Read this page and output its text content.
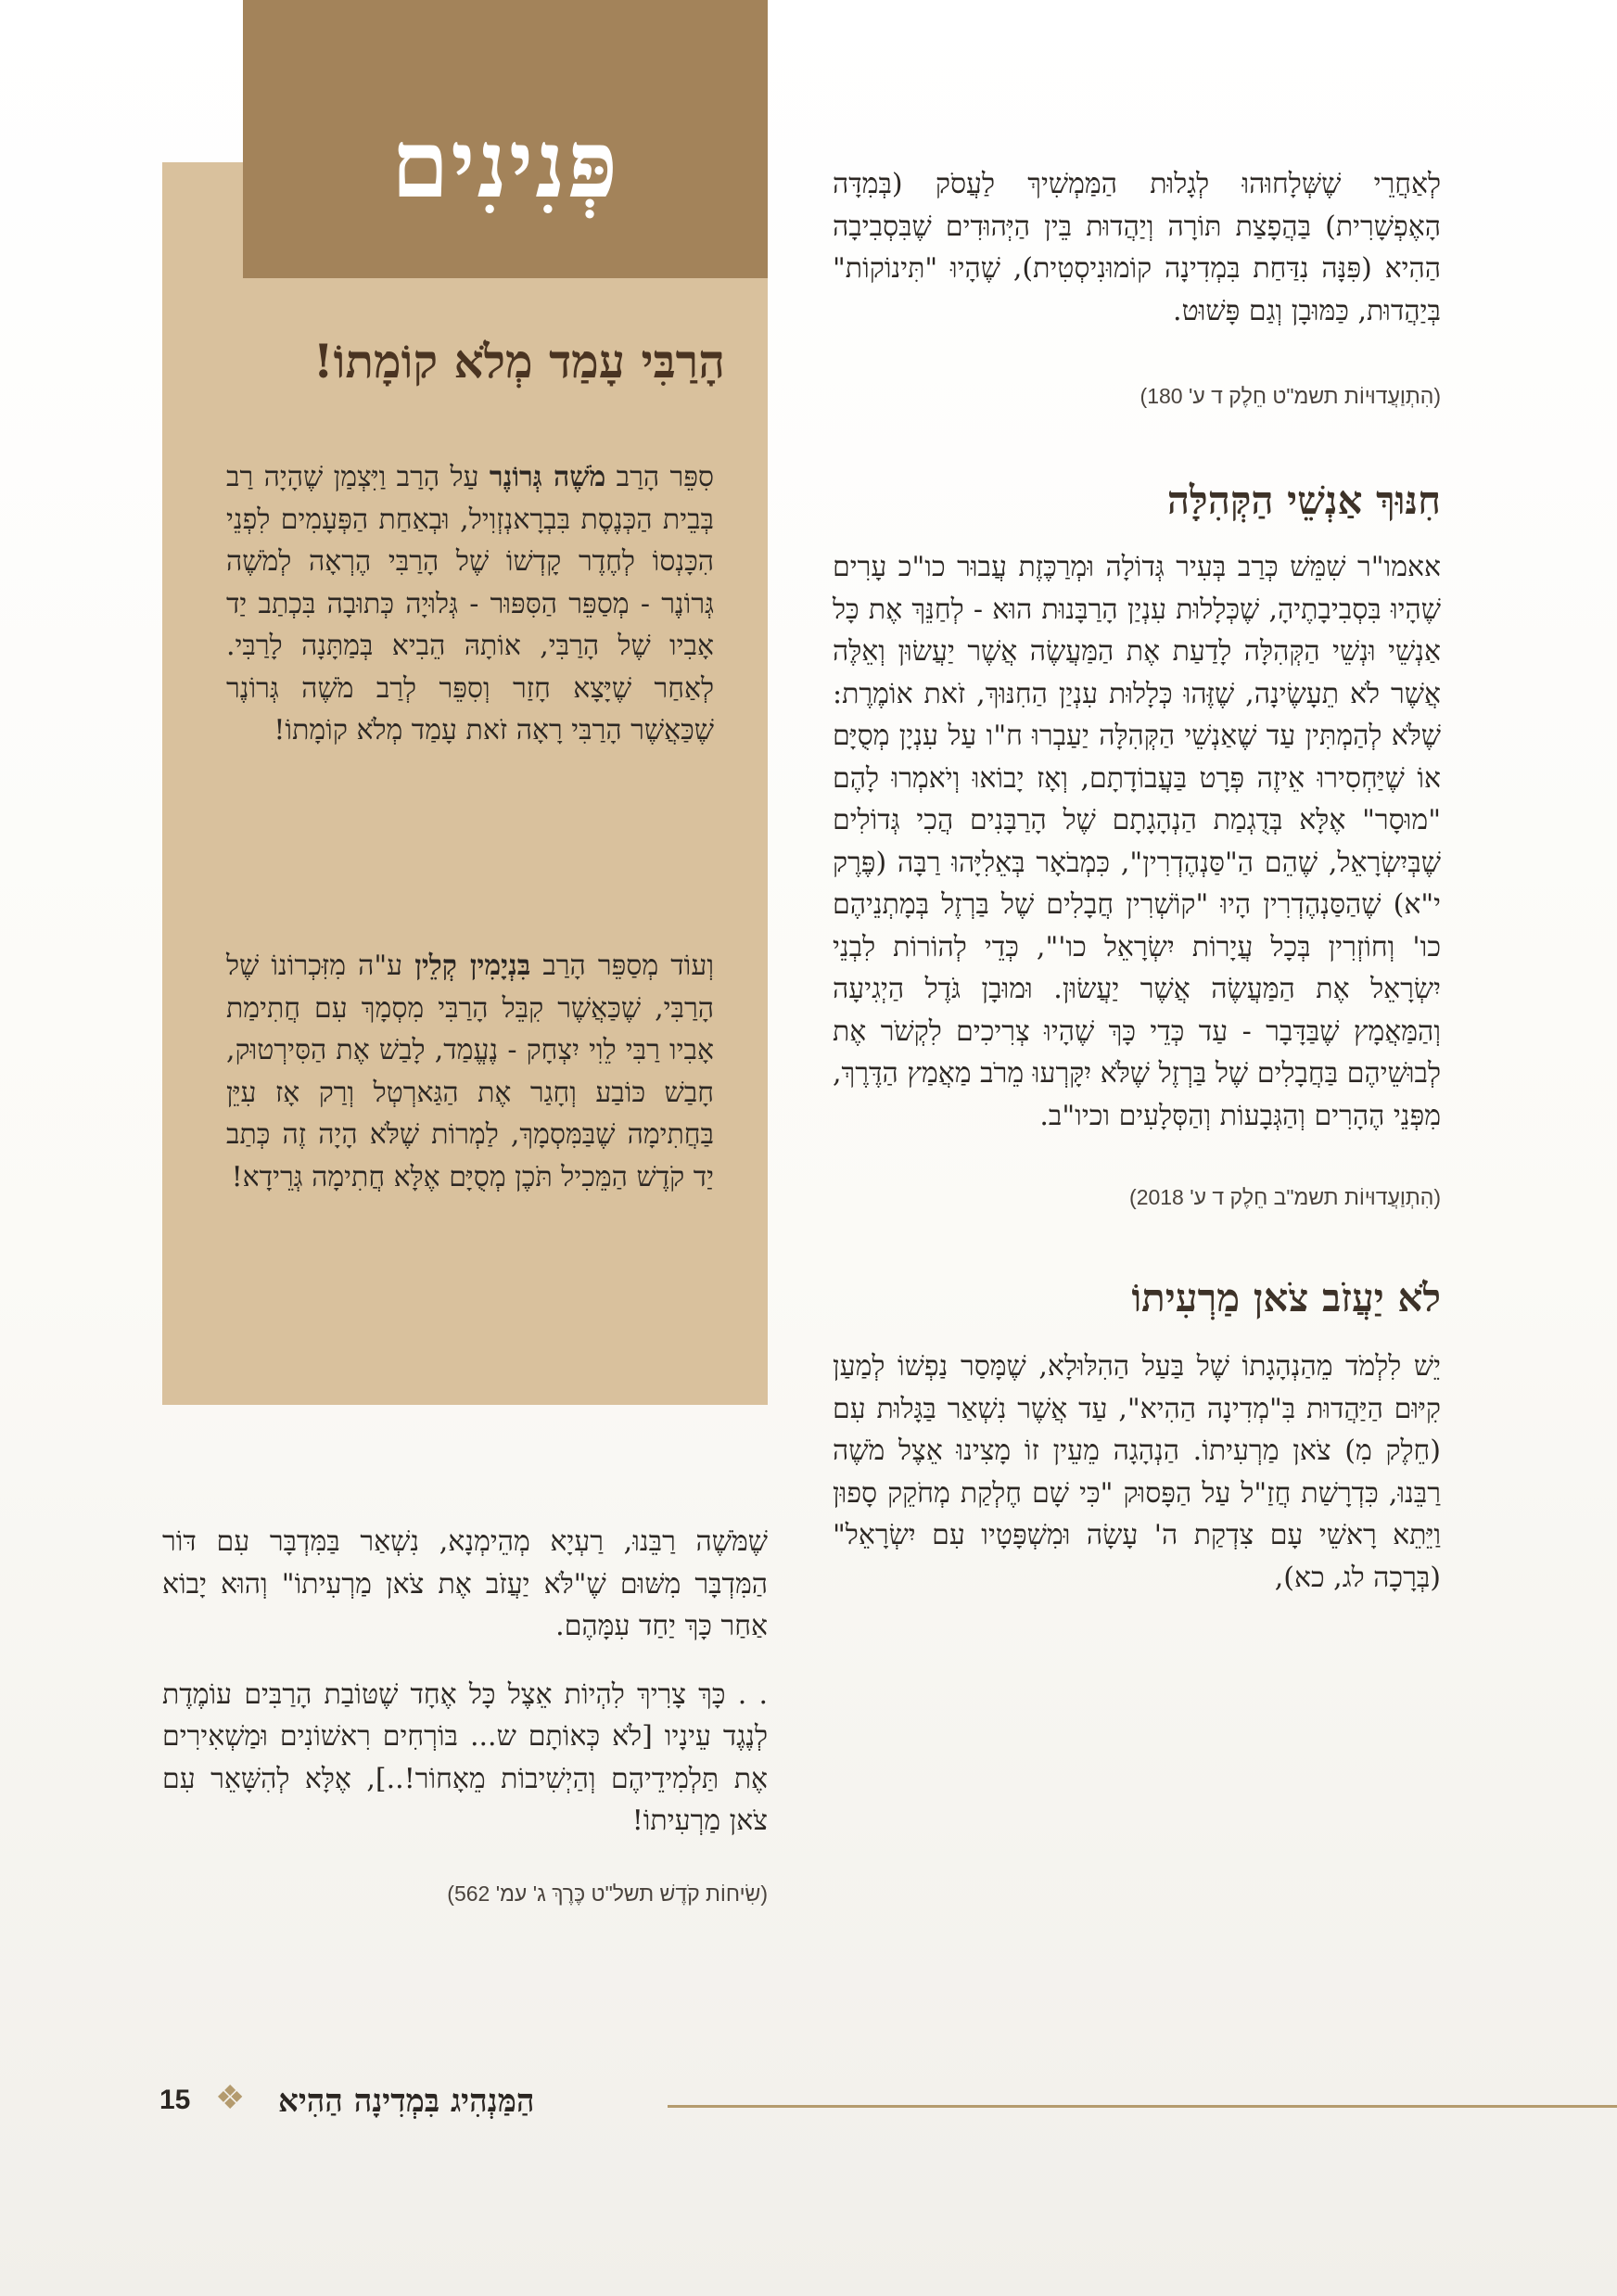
לְאַחֲרֵי שֶׁשְּׁלָחוּהוּ לְגָלוּת הַמַּמְשִׁיךְ לַעֲסֹק (בְּמִדָּה הָאֶפְשָׁרִית) בַּהֲפָצַת תּוֹרָה וְיַהֲדוּת בֵּין הַיְּהוּדִים שֶׁבִּסְבִיבָה הַהִיא (פִּנָּה נִדַּחַת בִּמְדִינָה קוֹמוּנִיסְטִית), שֶׁהָיוּ "תִּינוֹקוֹת" בְּיַהֲדוּת, כַּמּוּבָן וְגַם פָּשׁוּט.

(הִתְוַעֲדוּיוֹת תשמ"ט חֵלֶק ד ע' 180)

חִנּוּךְ אַנְשֵׁי הַקְּהִלָּה

אאמו"ר שִׁמֵּשׁ כְּרַב בְּעִיר גְּדוֹלָה וּמְרַכֶּזֶת עֲבוּר כו"כ עָרִים שֶׁהָיוּ בִּסְבִיבָתֶיהָ, שֶׁכְּלָלוּת עִנְיַן הָרַבָּנוּת הוּא - לְחַנֵּךְ אֶת כָּל אַנְשֵׁי וּנְשֵׁי הַקְּהִלָּה לָדַעַת אֶת הַמַּעֲשֶׂה אֲשֶׁר יַעֲשׂוּן וְאֵלֶּה אֲשֶׁר לֹא תֵעָשֶׂינָה, שֶׁזֶּהוּ כְּלָלוּת עִנְיַן הַחִנּוּךְ, זֹאת אוֹמֶרֶת: שֶׁלֹּא לְהַמְתִּין עַד שֶׁאַנְשֵׁי הַקְּהִלָּה יַעַבְרוּ ח"ו עַל עִנְיָן מְסֻיָּם אוֹ שֶׁיַּחְסִירוּ אֵיזֶה פְּרָט בַּעֲבוֹדָתָם, וְאָז יָבוֹאוּ וְיֹאמְרוּ לָהֶם "מוּסָר" אֶלָּא בְּדֻגְמַת הַנְהָגָתָם שֶׁל הָרַבָּנִים הֲכִי גְּדוֹלִים שֶׁבְּיִשְׂרָאֵל, שֶׁהֵם הַ"סַּנְהֶדְרִין", כִּמְבֹאָר בְּאֵלִיָּהוּ רַבָּה (פֶּרֶק י"א) שֶׁהַסַּנְהֶדְרִין הָיוּ "קוֹשְׁרִין חֲבָלִים שֶׁל בַּרְזֶל בְּמָתְנֵיהֶם כו' וְחוֹזְרִין בְּכָל עֲיָרוֹת יִשְׂרָאֵל כו'", כְּדֵי לְהוֹרוֹת לִבְנֵי יִשְׂרָאֵל אֶת הַמַּעֲשֶׂה אֲשֶׁר יַעֲשׂוּן. וּמוּבָן גֹּדֶל הַיְגִיעָה וְהַמַּאֲמָץ שֶׁבַּדָּבָר - עַד כְּדֵי כָּךְ שֶׁהָיוּ צְרִיכִים לִקְשֹׁר אֶת לְבוּשֵׁיהֶם בַּחֲבָלִים שֶׁל בַּרְזֶל שֶׁלֹּא יִקָּרְעוּ מֵרֹב מַאֲמַץ הַדֶּרֶךְ, מִפְּנֵי הֶהָרִים וְהַגְּבָעוֹת וְהַסְּלָעִים וכיו"ב.

(הִתְוַעֲדוּיוֹת תשמ"ב חֵלֶק ד ע' 2018)

לֹא יַעֲזֹב צֹאן מַרְעִיתוֹ

יֵשׁ לִלְמֹד מֵהַנְהָגָתוֹ שֶׁל בַּעַל הַהִלּוּלָא, שֶׁמָּסַר נַפְשׁוֹ לְמַעַן קִיּוּם הַיַּהֲדוּת בִּ"מְדִינָה הַהִיא", עַד אֲשֶׁר נִשְׁאַר בַּגָּלוּת עִם (חֵלֶק מִ) צֹאן מַרְעִיתוֹ. הַנְהָגָה מֵעֵין זוֹ מָצִינוּ אֵצֶל מֹשֶׁה רַבֵּנוּ, כִּדְרָשַׁת חֲזַ"ל עַל הַפָּסוּק "כִּי שָׁם חֶלְקַת מְחֹקֵק סָפוּן וַיֵּתֵא רָאשֵׁי עָם צִדְקַת ה' עָשָׂה וּמִשְׁפָּטָיו עִם יִשְׂרָאֵל" (בְּרָכָה לג, כא),

פְּנִינִים
הָרַבִּי עָמַד מְלֹא קוֹמָתוֹ!
סִפֵּר הָרַב מֹשֶׁה גְּרוֹנֶר עַל הָרַב וַיִּצְמַן שֶׁהָיָה רַב בְּבֵית הַכְּנֶסֶת בִּבְרָאנְזְוִיל, וּבְאַחַת הַפְּעָמִים לִפְנֵי הִכָּנְסוֹ לְחֶדֶר קָדְשׁוֹ שֶׁל הָרַבִּי הֶרְאָה לְמֹשֶׁה גְּרוֹנֶר - מְסַפֵּר הַסִּפּוּר - גְּלוּיָה כְּתוּבָה בִּכְתַב יַד אָבִיו שֶׁל הָרַבִּי, אוֹתָהּ הֵבִיא בְּמַתָּנָה לָרַבִּי. לְאַחַר שֶׁיָּצָא חָזַר וְסִפֵּר לְרַב מֹשֶׁה גְּרוֹנֶר שֶׁכַּאֲשֶׁר הָרַבִּי רָאָה זֹאת עָמַד מְלֹא קוֹמָתוֹ!
וְעוֹד מְסַפֵּר הָרַב בִּנְיָמִין קְלֵין ע"ה מִזִּכְרוֹנוֹ שֶׁל הָרַבִּי, שֶׁכַּאֲשֶׁר קִבֵּל הָרַבִּי מִסְמָךְ עִם חֲתִימַת אָבִיו רַבִּי לֵוִי יִצְחָק - נֶעֱמַד, לָבַשׁ אֶת הַסִּירְטוּק, חָבַשׁ כּוֹבַע וְחָגַר אֶת הַגַּארְטְל וְרַק אָז עִיֵּן בַּחֲתִימָה שֶׁבַּמִּסְמָךְ, לַמְרוֹת שֶׁלֹּא הָיָה זֶה כְּתַב יַד קֹדֶשׁ הַמֵּכִיל תֹּכֶן מְסֻיָּם אֶלָּא חֲתִימָה גְּרֵידָא!

שֶׁמֹּשֶׁה רַבֵּנוּ, רַעְיָא מְהֵימְנָא, נִשְׁאַר בַּמִּדְבָּר עִם דּוֹר הַמִּדְבָּר מִשּׁוּם שֶׁ"לֹּא יַעֲזֹב אֶת צֹאן מַרְעִיתוֹ" וְהוּא יָבוֹא אַחַר כָּךְ יַחַד עִמָּהֶם.

. . כָּךְ צָרִיךְ לִהְיוֹת אֵצֶל כָּל אֶחָד שֶׁטּוֹבַת הָרַבִּים עוֹמֶדֶת לְנֶגֶד עֵינָיו [לֹא כְּאוֹתָם ש... בּוֹרְחִים רִאשׁוֹנִים וּמַשְׁאִירִים אֶת תַּלְמִידֵיהֶם וְהַיְשִׁיבוֹת מֵאָחוֹר!..], אֶלָּא לְהִשָּׁאֵר עִם צֹאן מַרְעִיתוֹ!

(שִׂיחוֹת קֹדֶשׁ תשל"ט כֶּרֶךְ ג' עמ' 562)

הַמַּנְהִיג בִּמְדִינָה הַהִיא
❖
15
